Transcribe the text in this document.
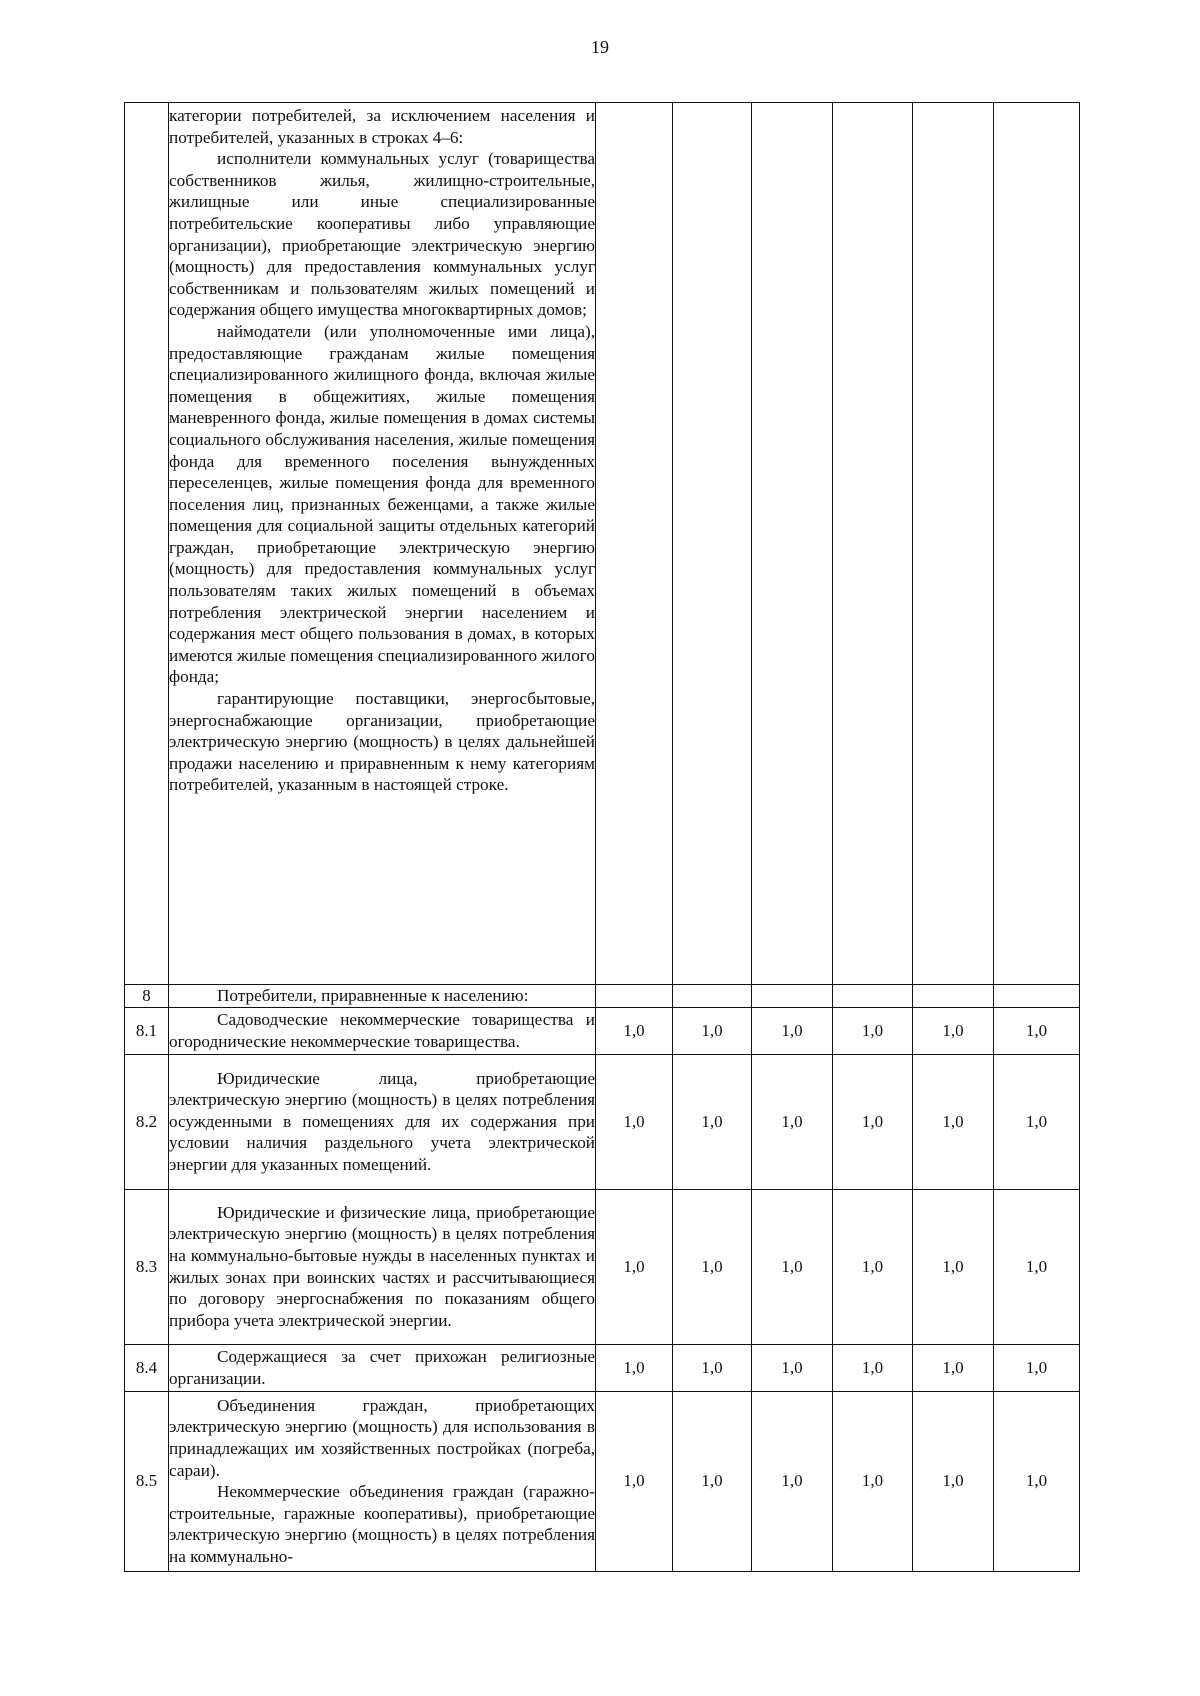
19

	категории потребителей, за исключением населения и потребителей, указанных в строках 4–6:

исполнители коммунальных услуг (товарищества собственников жилья, жилищно-строительные, жилищные или иные специализированные потребительские кооперативы либо управляющие организации), приобретающие электрическую энергию (мощность) для предоставления коммунальных услуг собственникам и пользователям жилых помещений и содержания общего имущества многоквартирных домов;

наймодатели (или уполномоченные ими лица), предоставляющие гражданам жилые помещения специализированного жилищного фонда, включая жилые помещения в общежитиях, жилые помещения маневренного фонда, жилые помещения в домах системы социального обслуживания населения, жилые помещения фонда для временного поселения вынужденных переселенцев, жилые помещения фонда для временного поселения лиц, признанных беженцами, а также жилые помещения для социальной защиты отдельных категорий граждан, приобретающие электрическую энергию (мощность) для предоставления коммунальных услуг пользователям таких жилых помещений в объемах потребления электрической энергии населением и содержания мест общего пользования в домах, в которых имеются жилые помещения специализированного жилого фонда;

гарантирующие поставщики, энергосбытовые, энергоснабжающие организации, приобретающие электрическую энергию (мощность) в целях дальнейшей продажи населению и приравненным к нему категориям потребителей, указанным в настоящей строке.						

8	Потребители, приравненные к населению:						

8.1	Садоводческие некоммерческие товарищества и огороднические некоммерческие товарищества.	1,0	1,0	1,0	1,0	1,0	1,0
8.2	Юридические лица, приобретающие электрическую энергию (мощность) в целях потребления осужденными в помещениях для их содержания при условии наличия раздельного учета электрической энергии для указанных помещений.	1,0	1,0	1,0	1,0	1,0	1,0
8.3	Юридические и физические лица, приобретающие электрическую энергию (мощность) в целях потребления на коммунально-бытовые нужды в населенных пунктах и жилых зонах при воинских частях и рассчитывающиеся по договору энергоснабжения по показаниям общего прибора учета электрической энергии.	1,0	1,0	1,0	1,0	1,0	1,0
8.4	Содержащиеся за счет прихожан религиозные организации.	1,0	1,0	1,0	1,0	1,0	1,0
8.5	Объединения граждан, приобретающих электрическую энергию (мощность) для использования в принадлежащих им хозяйственных постройках (погреба, сараи).

Некоммерческие объединения граждан (гаражно-строительные, гаражные кооперативы), приобретающие электрическую энергию (мощность) в целях потребления на коммунально-	1,0	1,0	1,0	1,0	1,0	1,0
